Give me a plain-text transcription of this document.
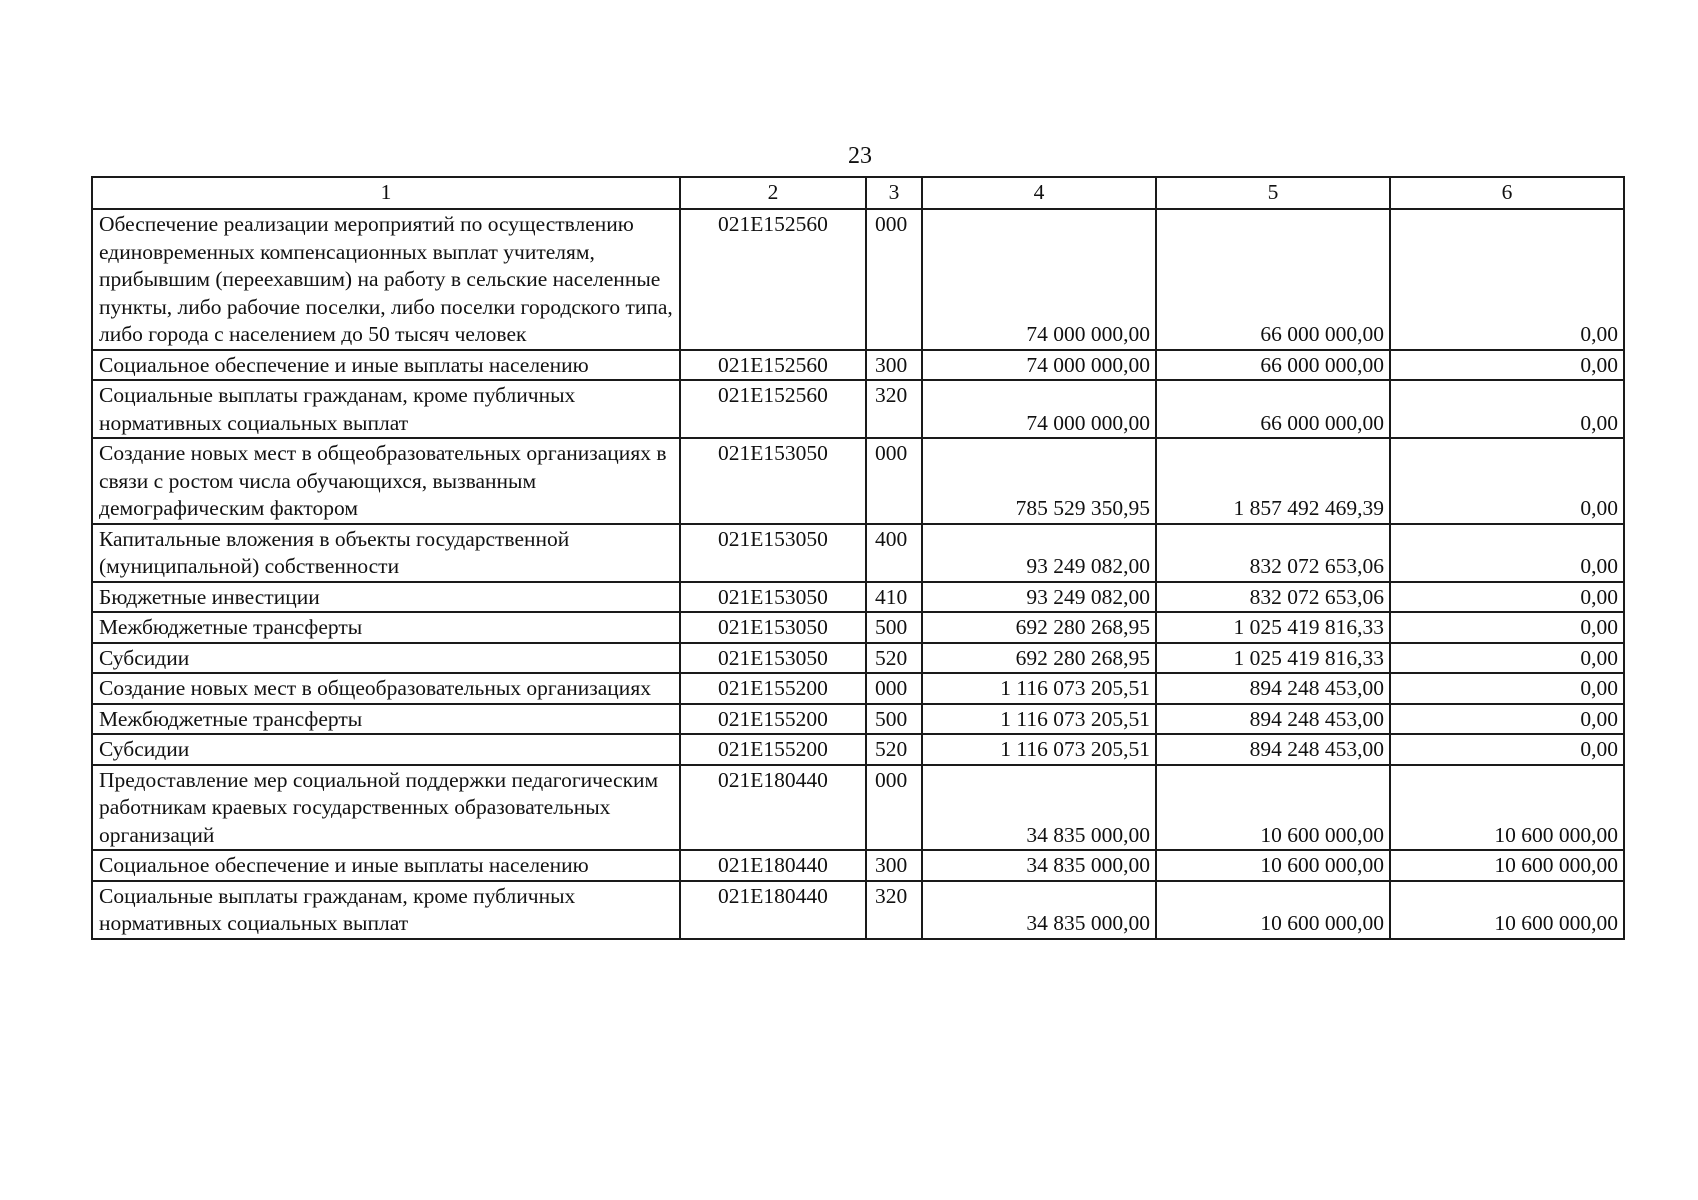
23
1	2	3	4	5	6
Обеспечение реализации мероприятий по осуществлению единовременных компенсационных выплат учителям, прибывшим (переехавшим) на работу в сельские населенные пункты, либо рабочие поселки, либо поселки городского типа, либо города с населением до 50 тысяч человек	021E152560	000	74 000 000,00	66 000 000,00	0,00
Социальное обеспечение и иные выплаты населению	021E152560	300	74 000 000,00	66 000 000,00	0,00
Социальные выплаты гражданам, кроме публичных нормативных социальных выплат	021E152560	320	74 000 000,00	66 000 000,00	0,00
Создание новых мест в общеобразовательных организациях в связи с ростом числа обучающихся, вызванным демографическим фактором	021E153050	000	785 529 350,95	1 857 492 469,39	0,00
Капитальные вложения в объекты государственной (муниципальной) собственности	021E153050	400	93 249 082,00	832 072 653,06	0,00
Бюджетные инвестиции	021E153050	410	93 249 082,00	832 072 653,06	0,00
Межбюджетные трансферты	021E153050	500	692 280 268,95	1 025 419 816,33	0,00
Субсидии	021E153050	520	692 280 268,95	1 025 419 816,33	0,00
Создание новых мест в общеобразовательных организациях	021E155200	000	1 116 073 205,51	894 248 453,00	0,00
Межбюджетные трансферты	021E155200	500	1 116 073 205,51	894 248 453,00	0,00
Субсидии	021E155200	520	1 116 073 205,51	894 248 453,00	0,00
Предоставление мер социальной поддержки педагогическим работникам краевых государственных образовательных организаций	021E180440	000	34 835 000,00	10 600 000,00	10 600 000,00
Социальное обеспечение и иные выплаты населению	021E180440	300	34 835 000,00	10 600 000,00	10 600 000,00
Социальные выплаты гражданам, кроме публичных нормативных социальных выплат	021E180440	320	34 835 000,00	10 600 000,00	10 600 000,00
